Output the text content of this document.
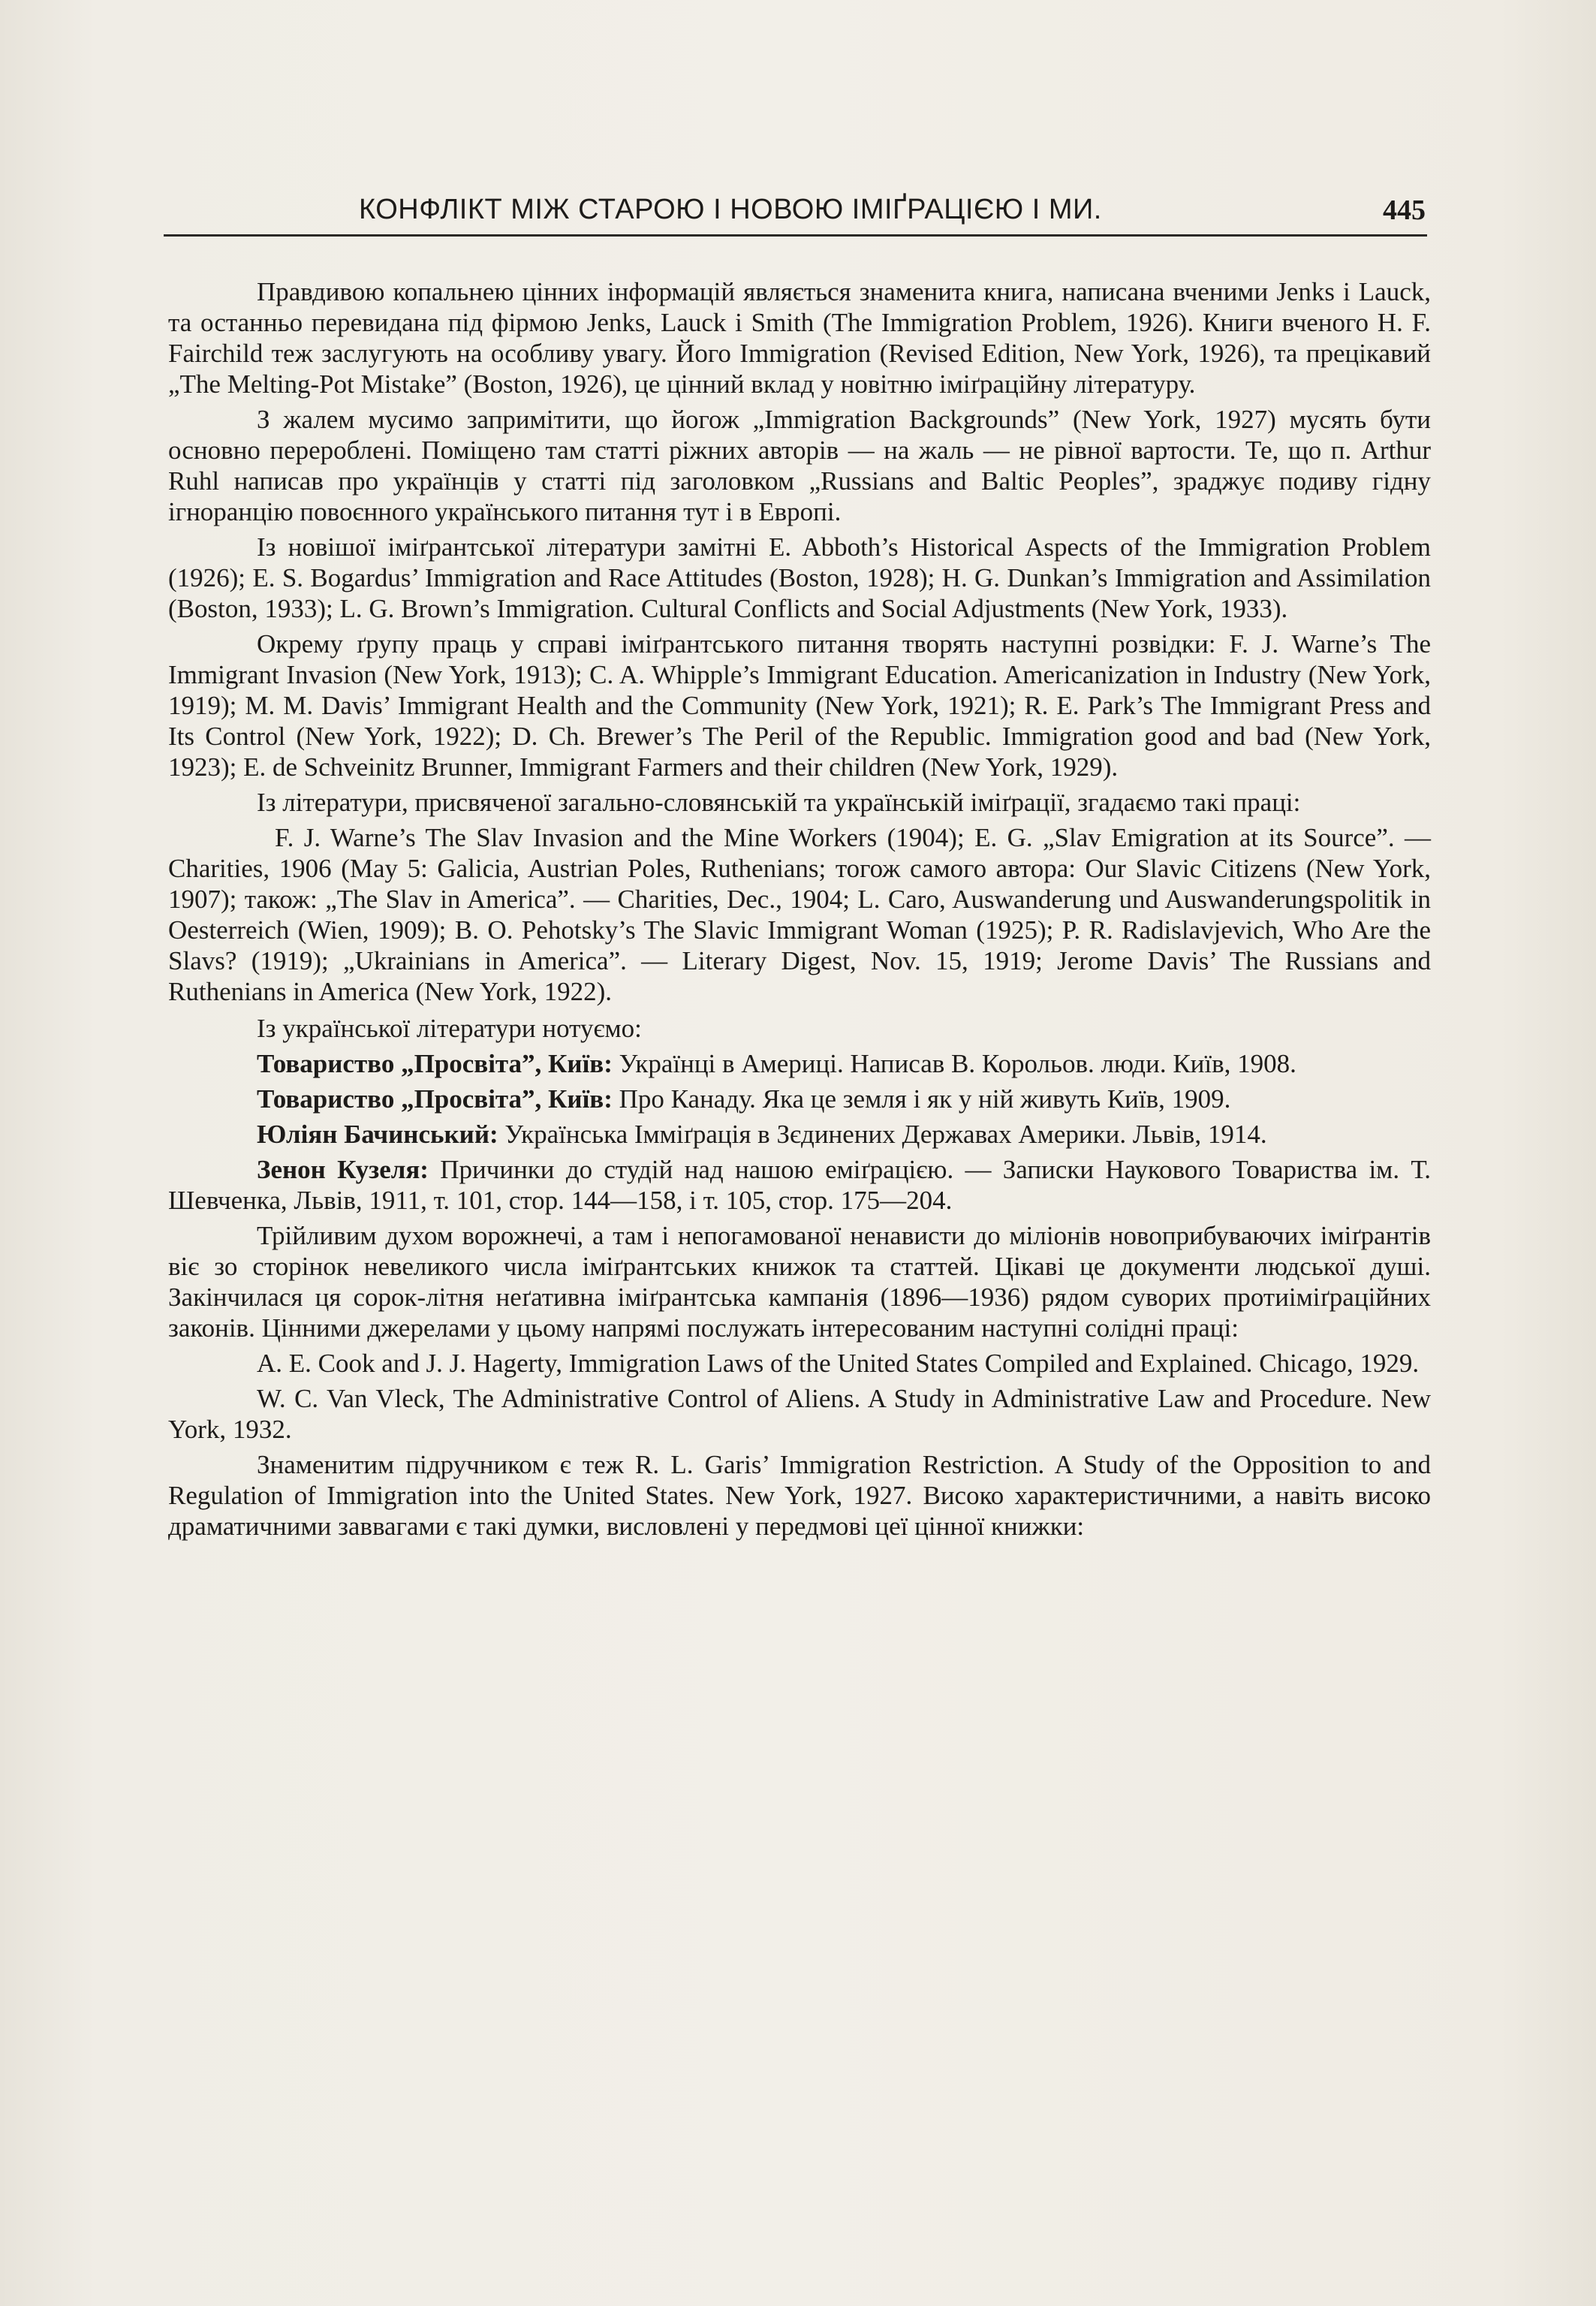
КОНФЛІКТ МІЖ СТАРОЮ І НОВОЮ ІМІҐРАЦІЄЮ І МИ.	445

Правдивою копальнею цінних інформацій являється знаменита книга, написана вченими Jenks і Lauck, та останньо перевидана під фірмою Jenks, Lauck і Smith (The Immigration Problem, 1926). Книги вченого H. F. Fairchild теж заслугують на особливу увагу. Його Immigration (Revised Edition, New York, 1926), та прецікавий „The Melting-Pot Mistake” (Boston, 1926), це цінний вклад у новітню іміґраційну літературу.

З жалем мусимо запримітити, що йогож „Immigration Backgrounds” (New York, 1927) мусять бути основно перероблені. Поміщено там статті ріжних авторів — на жаль — не рівної вартости. Те, що п. Arthur Ruhl написав про українців у статті під заголовком „Russians and Baltic Peoples”, зраджує подиву гідну ігноранцію повоєнного українського питання тут і в Европі.

Із новішої іміґрантської літератури замітні E. Abboth’s Historical Aspects of the Immigration Problem (1926); E. S. Bogardus’ Immigration and Race Attitudes (Boston, 1928); H. G. Dunkan’s Immigration and Assimilation (Boston, 1933); L. G. Brown’s Immigration. Cultural Conflicts and Social Adjustments (New York, 1933).

Окрему ґрупу праць у справі іміґрантського питання творять наступні розвідки: F. J. Warne’s The Immigrant Invasion (New York, 1913); C. A. Whipple’s Immigrant Education. Americanization in Industry (New York, 1919); M. M. Davis’ Immigrant Health and the Community (New York, 1921); R. E. Park’s The Immigrant Press and Its Control (New York, 1922); D. Ch. Brewer’s The Peril of the Republic. Immigration good and bad (New York, 1923); E. de Schveinitz Brunner, Immigrant Farmers and their children (New York, 1929).

Із літератури, присвяченої загально-словянській та українській іміґрації, згадаємо такі праці:

F. J. Warne’s The Slav Invasion and the Mine Workers (1904); E. G. „Slav Emigration at its Source”. — Charities, 1906 (May 5: Galicia, Austrian Poles, Ruthenians; тогож самого автора: Our Slavic Citizens (New York, 1907); також: „The Slav in America”. — Charities, Dec., 1904; L. Caro, Auswanderung und Auswanderungspolitik in Oesterreich (Wien, 1909); B. O. Pehotsky’s The Slavic Immigrant Woman (1925); P. R. Radislavjevich, Who Are the Slavs? (1919); „Ukrainians in America”. — Literary Digest, Nov. 15, 1919; Jerome Davis’ The Russians and Ruthenians in America (New York, 1922).

Із української літератури нотуємо:

Товариство „Просвіта”, Київ: Українці в Америці. Написав В. Корольов. люди. Київ, 1908.

Товариство „Просвіта”, Київ: Про Канаду. Яка це земля і як у ній живуть Київ, 1909.

Юліян Бачинський: Українська Імміґрація в Зєдинених Державах Америки. Львів, 1914.

Зенон Кузеля: Причинки до студій над нашою еміґрацією. — Записки Наукового Товариства ім. Т. Шевченка, Львів, 1911, т. 101, стор. 144—158, і т. 105, стор. 175—204.

Трійливим духом ворожнечі, а там і непогамованої ненависти до міліонів новоприбуваючих іміґрантів віє зо сторінок невеликого числа іміґрантських книжок та статтей. Цікаві це документи людської душі. Закінчилася ця сорок-літня неґативна іміґрантська кампанія (1896—1936) рядом суворих протиіміґраційних законів. Цінними джерелами у цьому напрямі послужать інтересованим наступні солідні праці:

A. E. Cook and J. J. Hagerty, Immigration Laws of the United States Compiled and Explained. Chicago, 1929.

W. C. Van Vleck, The Administrative Control of Aliens. A Study in Administrative Law and Procedure. New York, 1932.

Знаменитим підручником є теж R. L. Garis’ Immigration Restriction. A Study of the Opposition to and Regulation of Immigration into the United States. New York, 1927. Високо характеристичними, а навіть високо драматичними заввагами є такі думки, висловлені у передмові цеї цінної книжки:
